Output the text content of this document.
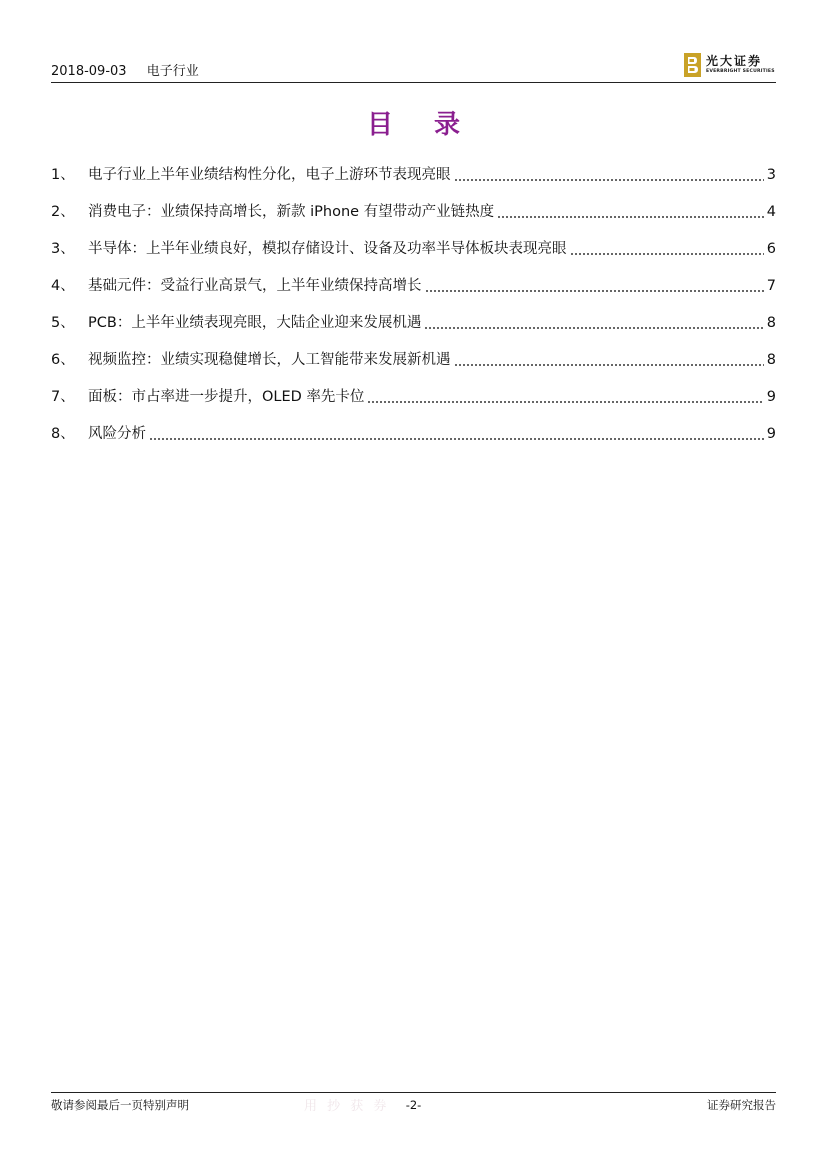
2018-09-03 电子行业
光大证券
EVERBRIGHT SECURITIES
目 录
1、 电子行业上半年业绩结构性分化，电子上游环节表现亮眼	3
2、 消费电子：业绩保持高增长，新款 iPhone 有望带动产业链热度	4
3、 半导体：上半年业绩良好，模拟存储设计、设备及功率半导体板块表现亮眼	6
4、 基础元件：受益行业高景气，上半年业绩保持高增长	7
5、 PCB：上半年业绩表现亮眼，大陆企业迎来发展机遇	8
6、 视频监控：业绩实现稳健增长，人工智能带来发展新机遇	8
7、 面板：市占率进一步提升，OLED 率先卡位	9
8、 风险分析	9
敬请参阅最后一页特别声明	用 抄 获 券	-2-	证券研究报告
